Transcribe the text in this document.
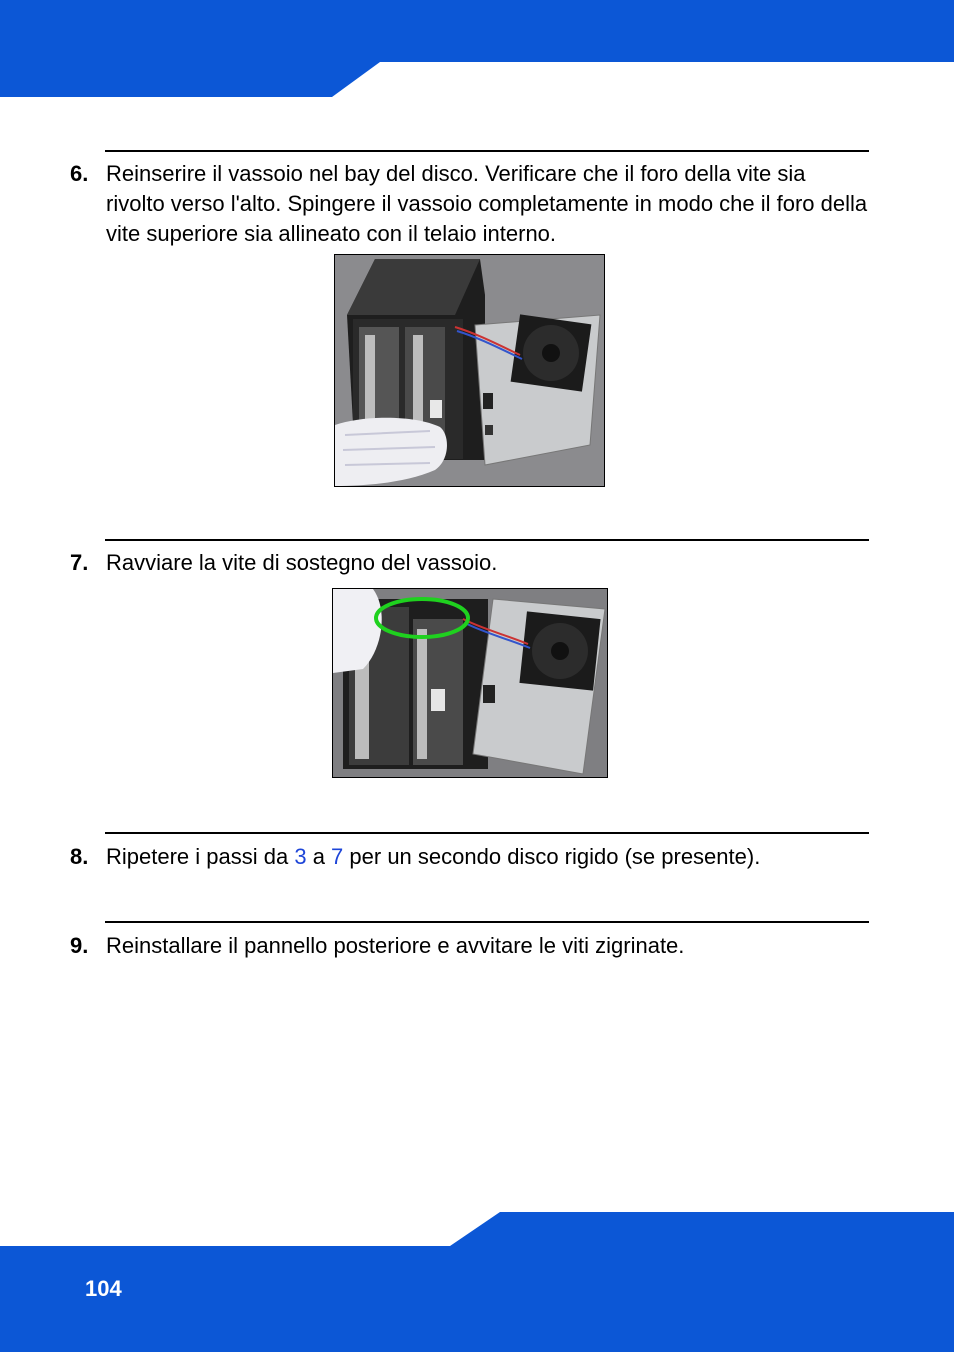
6. Reinserire il vassoio nel bay del disco. Verificare che il foro della vite sia rivolto verso l'alto. Spingere il vassoio completamente in modo che il foro della vite superiore sia allineato con il telaio interno.
7. Ravviare la vite di sostegno del vassoio.
8. Ripetere i passi da 3 a 7 per un secondo disco rigido (se presente).
9. Reinstallare il pannello posteriore e avvitare le viti zigrinate.
104
